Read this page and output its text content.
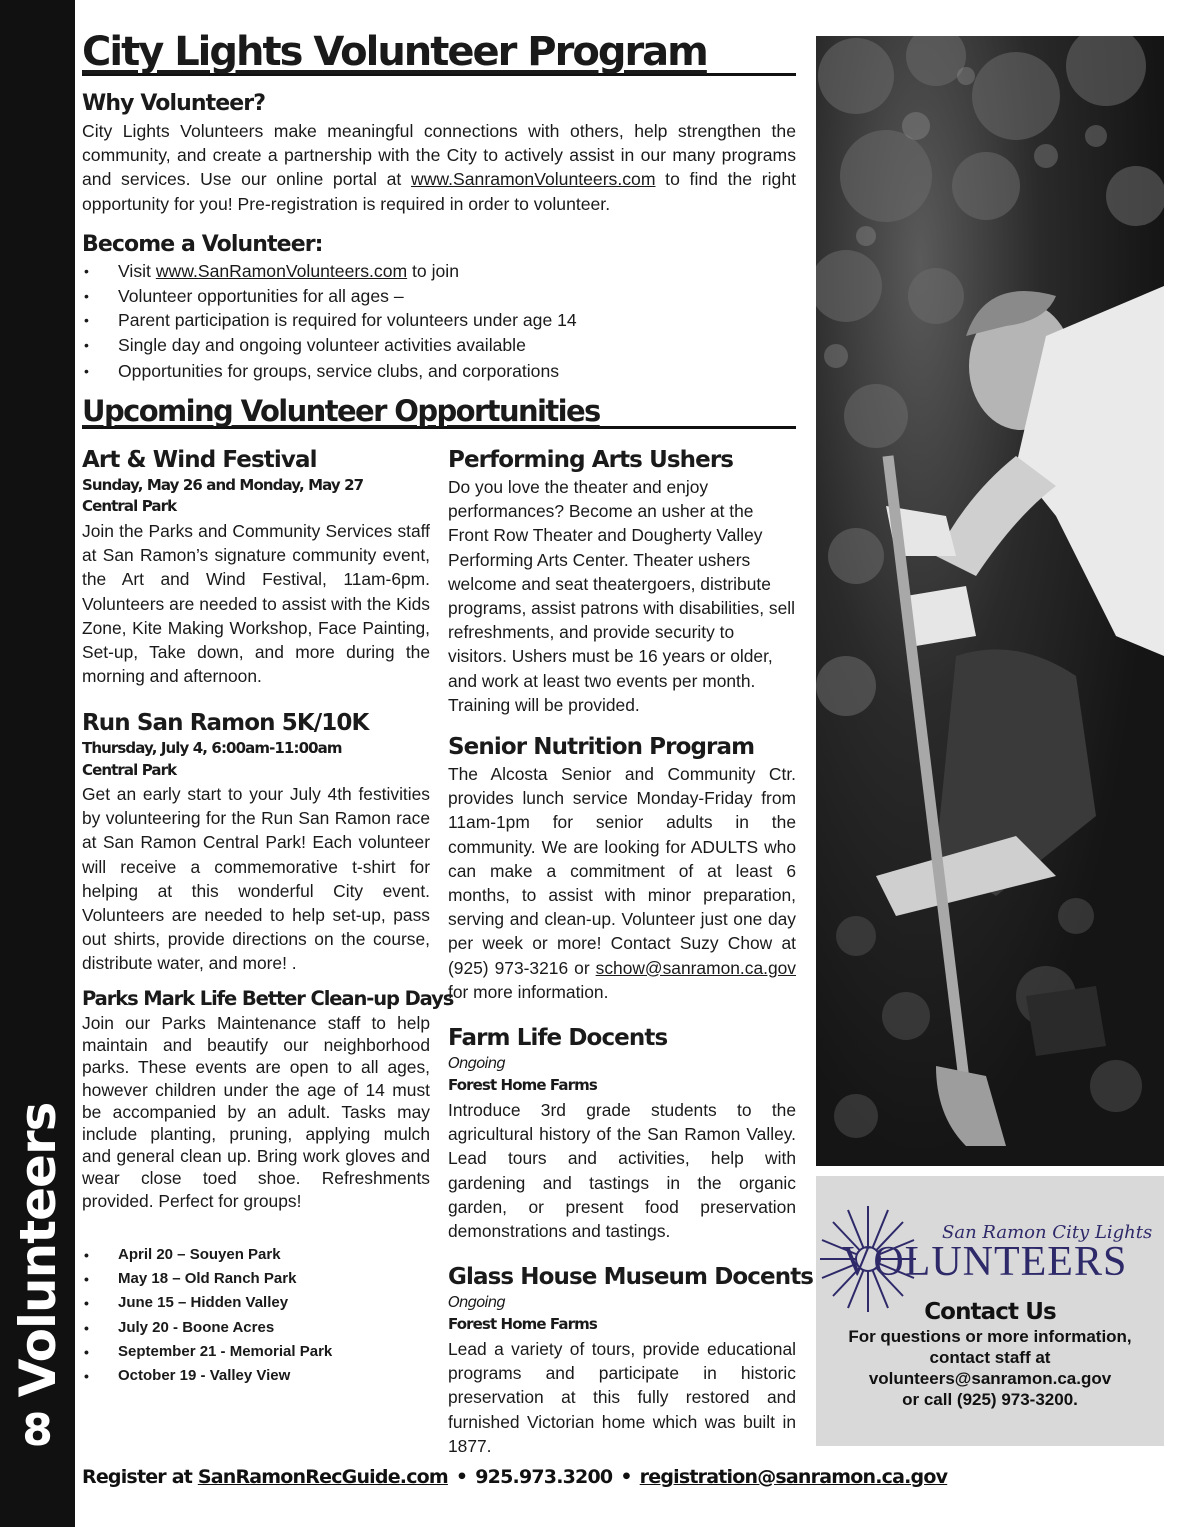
Volunteers
8
City Lights Volunteer Program
Why Volunteer?
City Lights Volunteers make meaningful connections with others, help strengthen the community, and create a partnership with the City to actively assist in our many programs and services. Use our online portal at www.SanramonVolunteers.com to find the right opportunity for you! Pre-registration is required in order to volunteer.
Become a Volunteer:
• Visit www.SanRamonVolunteers.com to join
• Volunteer opportunities for all ages –
• Parent participation is required for volunteers under age 14
• Single day and ongoing volunteer activities available
• Opportunities for groups, service clubs, and corporations
Upcoming Volunteer Opportunities
Art & Wind Festival
Sunday, May 26 and Monday, May 27
Central Park
Join the Parks and Community Services staff at San Ramon’s signature community event, the Art and Wind Festival, 11am-6pm. Volunteers are needed to assist with the Kids Zone, Kite Making Workshop, Face Painting, Set-up, Take down, and more during the morning and afternoon.
Run San Ramon 5K/10K
Thursday, July 4, 6:00am-11:00am
Central Park
Get an early start to your July 4th festivities by volunteering for the Run San Ramon race at San Ramon Central Park! Each volunteer will receive a commemorative t-shirt for helping at this wonderful City event. Volunteers are needed to help set-up, pass out shirts, provide directions on the course, distribute water, and more! .
Parks Mark Life Better Clean-up Days
Join our Parks Maintenance staff to help maintain and beautify our neighborhood parks. These events are open to all ages, however children under the age of 14 must be accompanied by an adult. Tasks may include planting, pruning, applying mulch and general clean up. Bring work gloves and wear close toed shoe. Refreshments provided. Perfect for groups!
• April 20 – Souyen Park
• May 18 – Old Ranch Park
• June 15 – Hidden Valley
• July 20 - Boone Acres
• September 21 - Memorial Park
• October 19 - Valley View
Performing Arts Ushers
Do you love the theater and enjoy performances? Become an usher at the Front Row Theater and Dougherty Valley Performing Arts Center. Theater ushers welcome and seat theatergoers, distribute programs, assist patrons with disabilities, sell refreshments, and provide security to visitors. Ushers must be 16 years or older, and work at least two events per month. Training will be provided.
Senior Nutrition Program
The Alcosta Senior and Community Ctr. provides lunch service Monday-Friday from 11am-1pm for senior adults in the community. We are looking for ADULTS who can make a commitment of at least 6 months, to assist with minor preparation, serving and clean-up. Volunteer just one day per week or more! Contact Suzy Chow at (925) 973-3216 or schow@sanramon.ca.gov for more information.
Farm Life Docents
Ongoing
Forest Home Farms
Introduce 3rd grade students to the agricultural history of the San Ramon Valley. Lead tours and activities, help with gardening and tastings in the organic garden, or present food preservation demonstrations and tastings.
Glass House Museum Docents
Ongoing
Forest Home Farms
Lead a variety of tours, provide educational programs and participate in historic preservation at this fully restored and furnished Victorian home which was built in 1877.
San Ramon City Lights
VOLUNTEERS
Contact Us
For questions or more information,
contact staff at
volunteers@sanramon.ca.gov
or call (925) 973-3200.
Register at SanRamonRecGuide.com • 925.973.3200 • registration@sanramon.ca.gov
